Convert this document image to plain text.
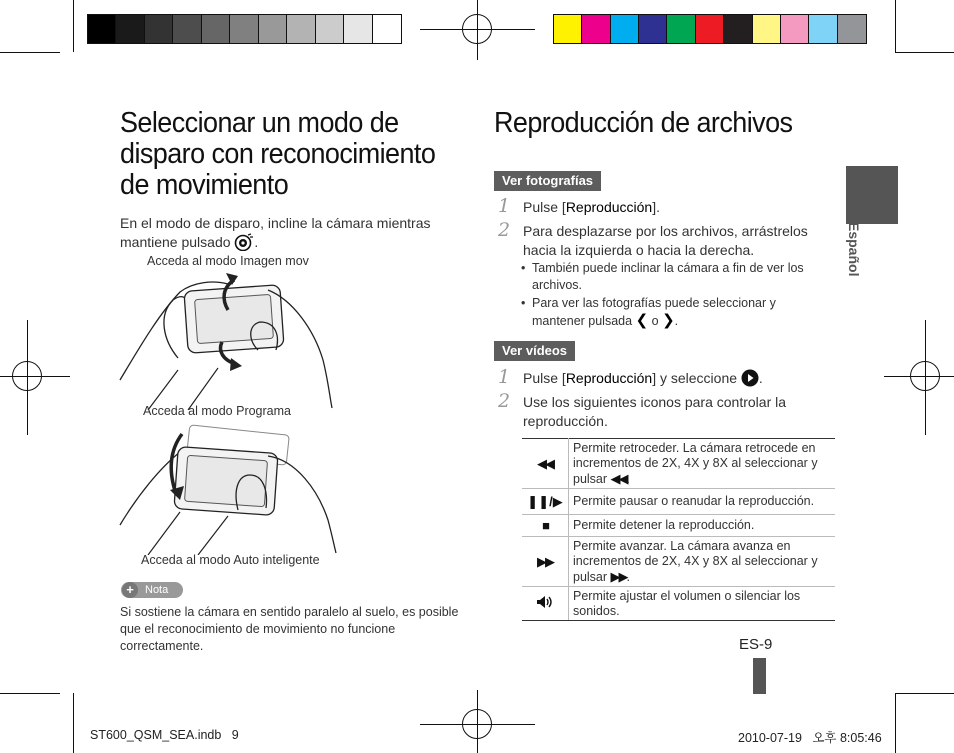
Seleccionar un modo de disparo con reconocimiento de movimiento
En el modo de disparo, incline la cámara mientras mantiene pulsado .
Acceda al modo Imagen mov
Acceda al modo Programa
Acceda al modo Auto inteligente
+	Nota
Si sostiene la cámara en sentido paralelo al suelo, es posible que el reconocimiento de movimiento no funcione correctamente.
Reproducción de archivos
Ver fotografías
1 Pulse [Reproducción].
2 Para desplazarse por los archivos, arrástrelos hacia la izquierda o hacia la derecha.
• También puede inclinar la cámara a fin de ver los archivos.
• Para ver las fotografías puede seleccionar y mantener pulsada ❮ o ❯.
Ver vídeos
1 Pulse [Reproducción] y seleccione .
2 Use los siguientes iconos para controlar la reproducción.
◀◀	Permite retroceder. La cámara retrocede en incrementos de 2X, 4X y 8X al seleccionar y pulsar ◀◀.
❚❚/▶	Permite pausar o reanudar la reproducción.
■	Permite detener la reproducción.
▶▶	Permite avanzar. La cámara avanza en incrementos de 2X, 4X y 8X al seleccionar y pulsar ▶▶.
	Permite ajustar el volumen o silenciar los sonidos.
Español
ES-9
ST600_QSM_SEA.indb   9	2010-07-19   오후 8:05:46
